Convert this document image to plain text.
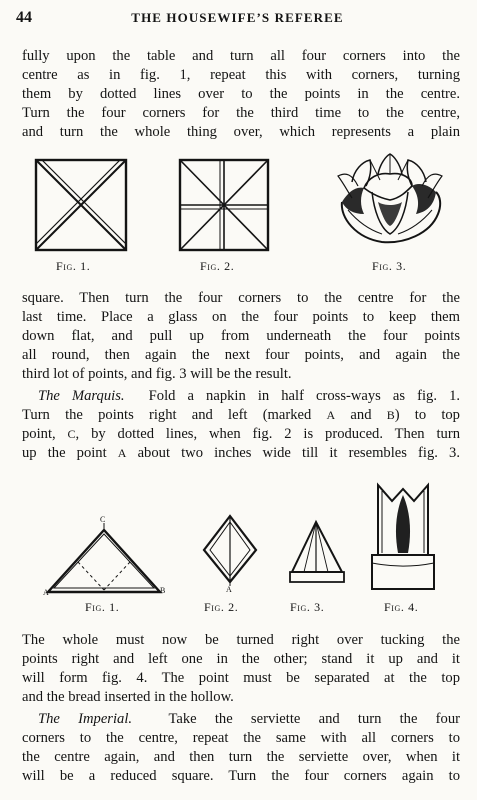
44	THE HOUSEWIFE’S REFEREE

fully upon the table and turn all four corners into the
centre as in fig. 1, repeat this with corners, turning
them by dotted lines over to the points in the centre.
Turn the four corners for the third time to the centre,
and turn the whole thing over, which represents a plain

Fig. 1.	Fig. 2.	Fig. 3.

square. Then turn the four corners to the centre for the
last time. Place a glass on the four points to keep them
down flat, and pull up from underneath the four points
all round, then again the next four points, and again the
third lot of points, and fig. 3 will be the result.

The Marquis. Fold a napkin in half cross-ways as fig. 1.
Turn the points right and left (marked A and B) to top
point, C, by dotted lines, when fig. 2 is produced. Then turn
up the point A about two inches wide till it resembles fig. 3.

C
A	B
Fig. 1.
A
Fig. 2.	Fig. 3.	Fig. 4.

The whole must now be turned right over tucking the
points right and left one in the other; stand it up and it
will form fig. 4. The point must be separated at the top
and the bread inserted in the hollow.

The Imperial. Take the serviette and turn the four
corners to the centre, repeat the same with all corners to
the centre again, and then turn the serviette over, when it
will be a reduced square. Turn the four corners again to
